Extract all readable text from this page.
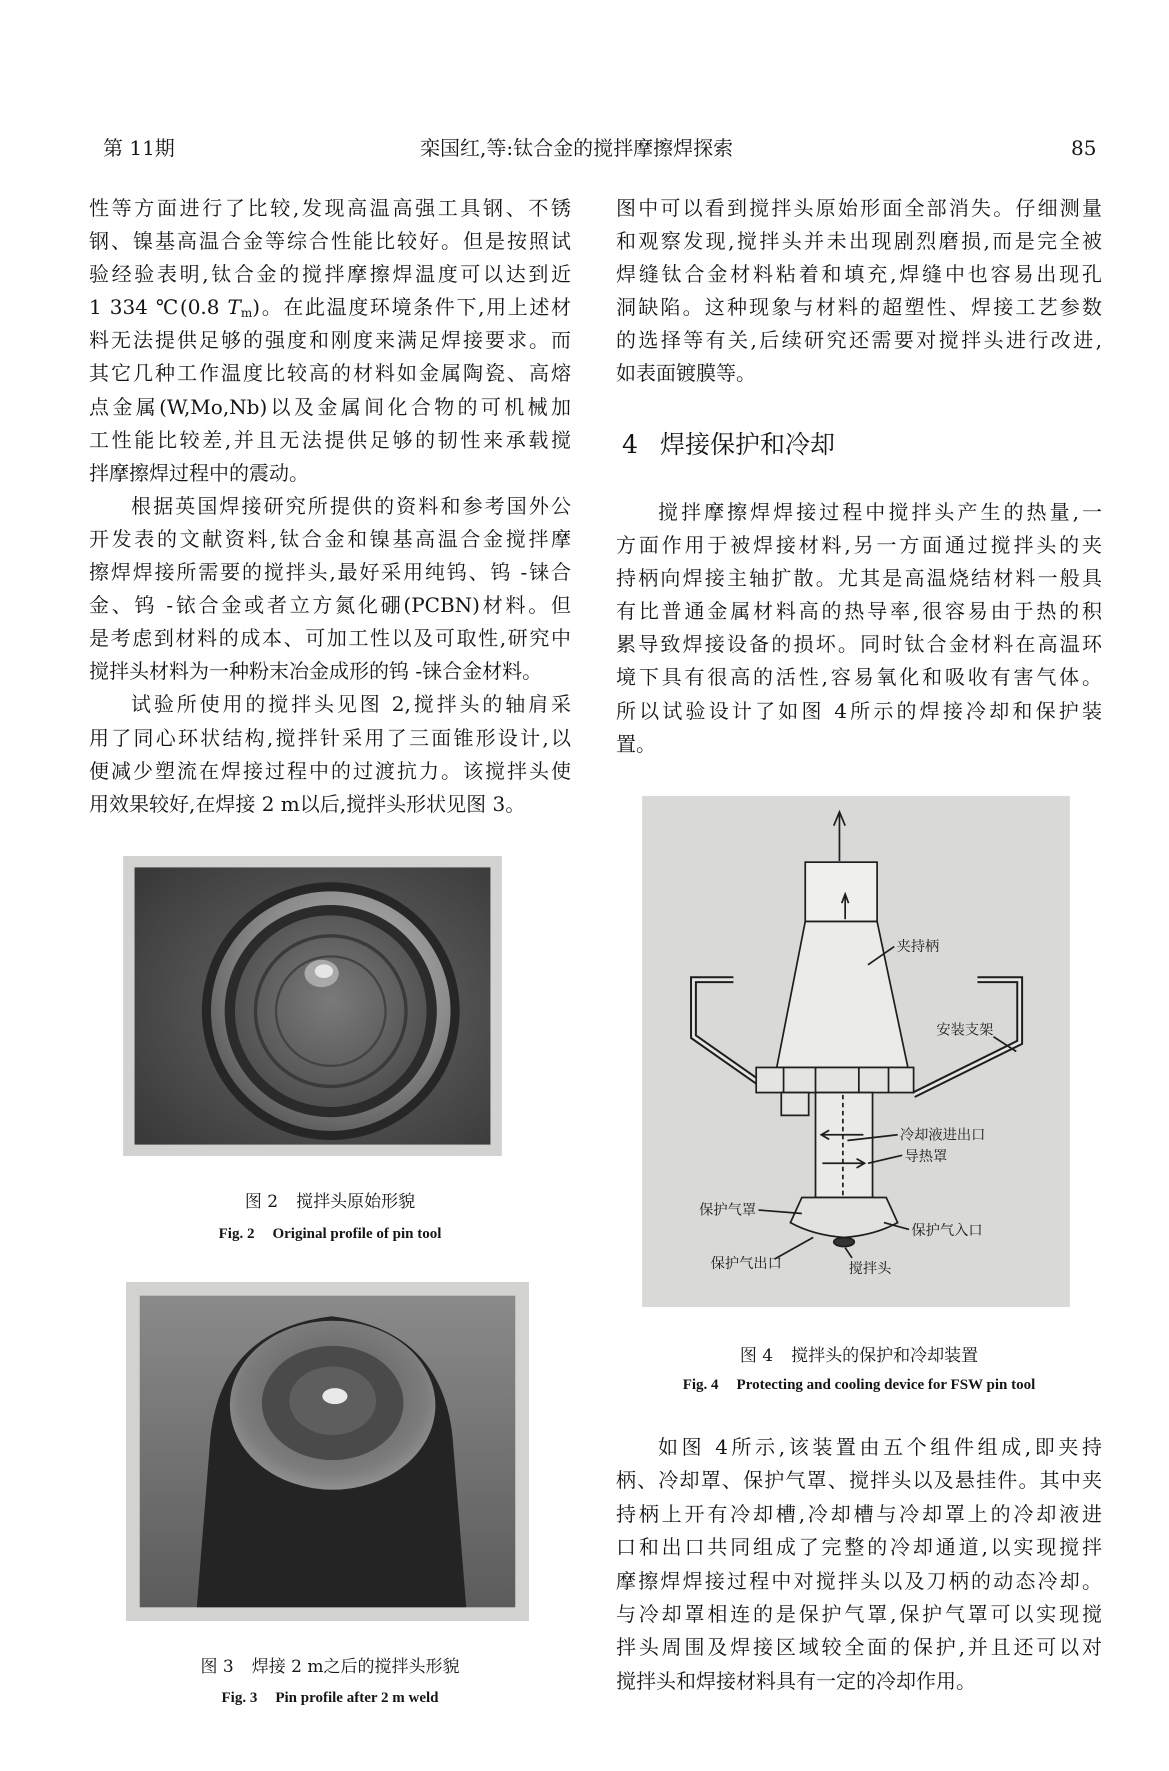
第 11期	栾国红,等:钛合金的搅拌摩擦焊探索	85
性等方面进行了比较,发现高温高强工具钢、不锈
钢、镍基高温合金等综合性能比较好。但是按照试
验经验表明,钛合金的搅拌摩擦焊温度可以达到近
1 334 ℃(0.8 $T_m$)。在此温度环境条件下,用上述材
料无法提供足够的强度和刚度来满足焊接要求。而
其它几种工作温度比较高的材料如金属陶瓷、高熔
点金属(W,Mo,Nb)以及金属间化合物的可机械加
工性能比较差,并且无法提供足够的韧性来承载搅
拌摩擦焊过程中的震动。
根据英国焊接研究所提供的资料和参考国外公
开发表的文献资料,钛合金和镍基高温合金搅拌摩
擦焊焊接所需要的搅拌头,最好采用纯钨、钨 -铼合
金、钨 -铱合金或者立方氮化硼(PCBN)材料。但
是考虑到材料的成本、可加工性以及可取性,研究中
搅拌头材料为一种粉末冶金成形的钨 -铼合金材料。
试验所使用的搅拌头见图 2,搅拌头的轴肩采
用了同心环状结构,搅拌针采用了三面锥形设计,以
便减少塑流在焊接过程中的过渡抗力。该搅拌头使
用效果较好,在焊接 2 m以后,搅拌头形状见图 3。
图 2 搅拌头原始形貌
Fig. 2 Original profile of pin tool
图 3 焊接 2 m之后的搅拌头形貌
Fig. 3 Pin profile after 2 m weld
图中可以看到搅拌头原始形面全部消失。仔细测量
和观察发现,搅拌头并未出现剧烈磨损,而是完全被
焊缝钛合金材料粘着和填充,焊缝中也容易出现孔
洞缺陷。这种现象与材料的超塑性、焊接工艺参数
的选择等有关,后续研究还需要对搅拌头进行改进,
如表面镀膜等。
4 焊接保护和冷却
搅拌摩擦焊焊接过程中搅拌头产生的热量,一
方面作用于被焊接材料,另一方面通过搅拌头的夹
持柄向焊接主轴扩散。尤其是高温烧结材料一般具
有比普通金属材料高的热导率,很容易由于热的积
累导致焊接设备的损坏。同时钛合金材料在高温环
境下具有很高的活性,容易氧化和吸收有害气体。
所以试验设计了如图 4所示的焊接冷却和保护装
置。
夹持柄
安装支架
冷却液进出口
导热罩
保护气罩
保护气入口
保护气出口	搅拌头
图 4 搅拌头的保护和冷却装置
Fig. 4 Protecting and cooling device for FSW pin tool
如图 4所示,该装置由五个组件组成,即夹持
柄、冷却罩、保护气罩、搅拌头以及悬挂件。其中夹
持柄上开有冷却槽,冷却槽与冷却罩上的冷却液进
口和出口共同组成了完整的冷却通道,以实现搅拌
摩擦焊焊接过程中对搅拌头以及刀柄的动态冷却。
与冷却罩相连的是保护气罩,保护气罩可以实现搅
拌头周围及焊接区域较全面的保护,并且还可以对
搅拌头和焊接材料具有一定的冷却作用。
